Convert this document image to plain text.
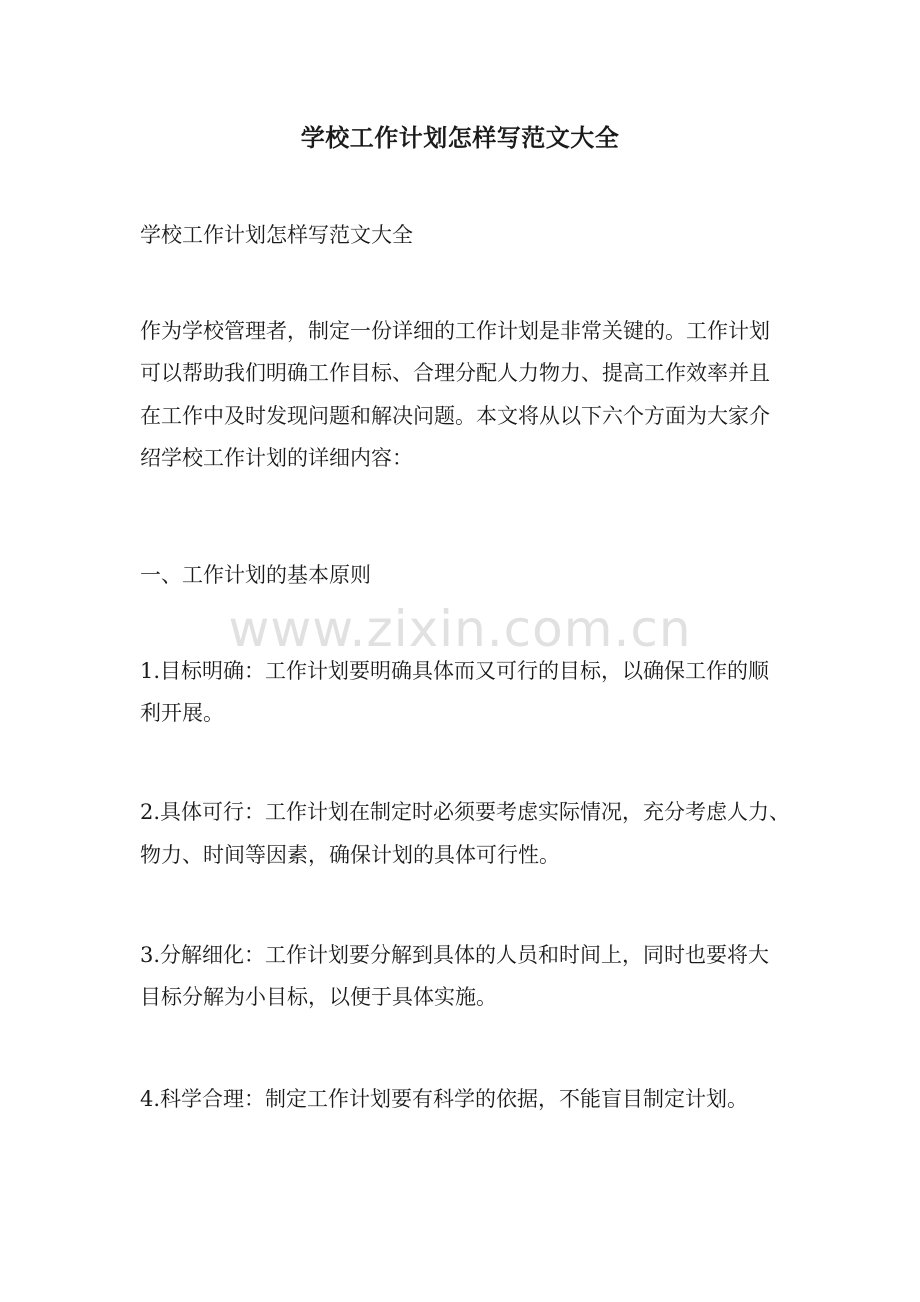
学校工作计划怎样写范文大全
学校工作计划怎样写范文大全
作为学校管理者，制定一份详细的工作计划是非常关键的。工作计划
可以帮助我们明确工作目标、合理分配人力物力、提高工作效率并且
在工作中及时发现问题和解决问题。本文将从以下六个方面为大家介
绍学校工作计划的详细内容：
一、工作计划的基本原则
1.目标明确：工作计划要明确具体而又可行的目标，以确保工作的顺
利开展。
2.具体可行：工作计划在制定时必须要考虑实际情况，充分考虑人力、
物力、时间等因素，确保计划的具体可行性。
3.分解细化：工作计划要分解到具体的人员和时间上，同时也要将大
目标分解为小目标，以便于具体实施。
4.科学合理：制定工作计划要有科学的依据，不能盲目制定计划。
www.zixin.com.cn
